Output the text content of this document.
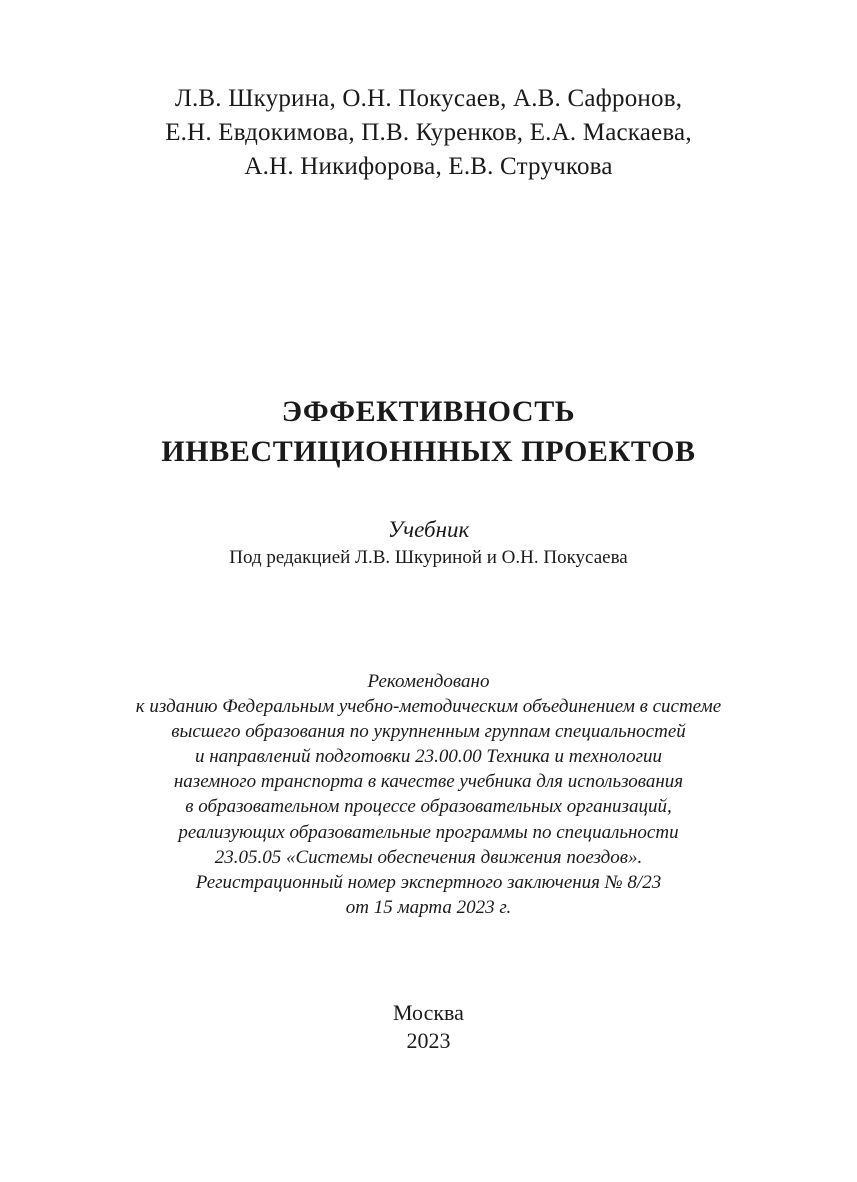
Л.В. Шкурина, О.Н. Покусаев, А.В. Сафронов,
Е.Н. Евдокимова, П.В. Куренков, Е.А. Маскаева,
А.Н. Никифорова, Е.В. Стручкова
ЭФФЕКТИВНОСТЬ
ИНВЕСТИЦИОНННЫХ ПРОЕКТОВ
Учебник
Под редакцией Л.В. Шкуриной и О.Н. Покусаева
Рекомендовано
к изданию Федеральным учебно-методическим объединением в системе
высшего образования по укрупненным группам специальностей
и направлений подготовки 23.00.00 Техника и технологии
наземного транспорта в качестве учебника для использования
в образовательном процессе образовательных организаций,
реализующих образовательные программы по специальности
23.05.05 «Системы обеспечения движения поездов».
Регистрационный номер экспертного заключения № 8/23
от 15 марта 2023 г.
Москва
2023
